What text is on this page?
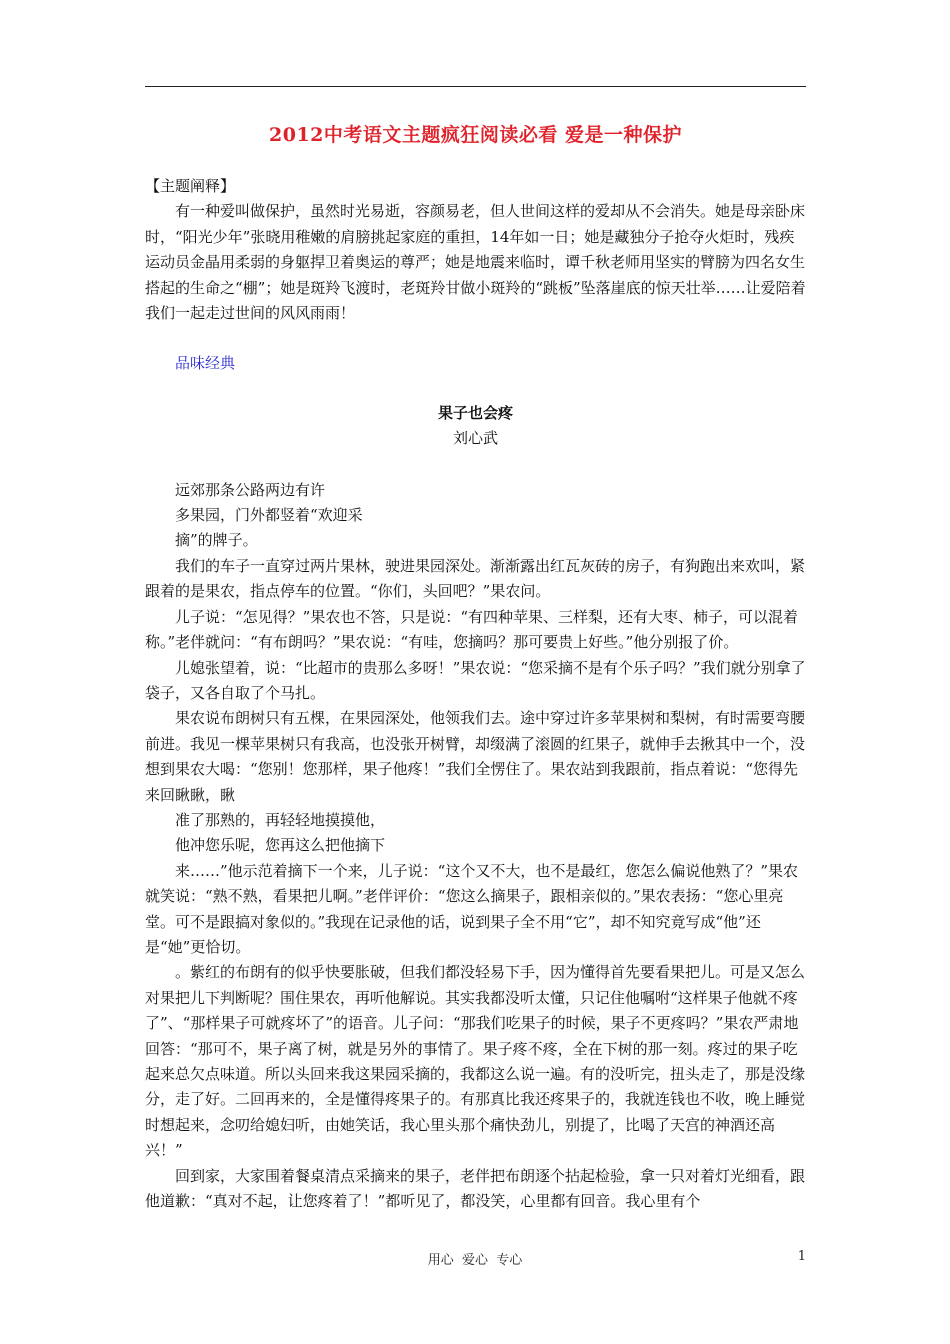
2012中考语文主题疯狂阅读必看 爱是一种保护

【主题阐释】

有一种爱叫做保护，虽然时光易逝，容颜易老，但人世间这样的爱却从不会消失。她是母亲卧床时，“阳光少年”张晓用稚嫩的肩膀挑起家庭的重担，14年如一日；她是藏独分子抢夺火炬时，残疾运动员金晶用柔弱的身躯捍卫着奥运的尊严；她是地震来临时，谭千秋老师用坚实的臂膀为四名女生搭起的生命之“棚”；她是斑羚飞渡时，老斑羚甘做小斑羚的“跳板”坠落崖底的惊天壮举……让爱陪着我们一起走过世间的风风雨雨！

品味经典

果子也会疼

刘心武

远郊那条公路两边有许

多果园，门外都竖着“欢迎采

摘”的牌子。

我们的车子一直穿过两片果林，驶进果园深处。渐渐露出红瓦灰砖的房子，有狗跑出来欢叫，紧跟着的是果农，指点停车的位置。“你们，头回吧？”果农问。

儿子说：“怎见得？”果农也不答，只是说：“有四种苹果、三样梨，还有大枣、柿子，可以混着称。”老伴就问：“有布朗吗？”果农说：“有哇，您摘吗？那可要贵上好些。”他分别报了价。

儿媳张望着，说：“比超市的贵那么多呀！”果农说：“您采摘不是有个乐子吗？”我们就分别拿了袋子，又各自取了个马扎。

果农说布朗树只有五棵，在果园深处，他领我们去。途中穿过许多苹果树和梨树，有时需要弯腰前进。我见一棵苹果树只有我高，也没张开树臂，却缀满了滚圆的红果子，就伸手去揪其中一个，没想到果农大喝：“您别！您那样，果子他疼！”我们全愣住了。果农站到我跟前，指点着说：“您得先来回瞅瞅，瞅

准了那熟的，再轻轻地摸摸他，

他冲您乐呢，您再这么把他摘下

来……”他示范着摘下一个来，儿子说：“这个又不大，也不是最红，您怎么偏说他熟了？”果农就笑说：“熟不熟，看果把儿啊。”老伴评价：“您这么摘果子，跟相亲似的。”果农表扬：“您心里亮堂。可不是跟搞对象似的。”我现在记录他的话，说到果子全不用“它”，却不知究竟写成“他”还是“她”更恰切。

。紫红的布朗有的似乎快要胀破，但我们都没轻易下手，因为懂得首先要看果把儿。可是又怎么对果把儿下判断呢？围住果农，再听他解说。其实我都没听太懂，只记住他嘱咐“这样果子他就不疼了”、“那样果子可就疼坏了”的语音。儿子问：“那我们吃果子的时候，果子不更疼吗？”果农严肃地回答：“那可不，果子离了树，就是另外的事情了。果子疼不疼，全在下树的那一刻。疼过的果子吃起来总欠点味道。所以头回来我这果园采摘的，我都这么说一遍。有的没听完，扭头走了，那是没缘分，走了好。二回再来的，全是懂得疼果子的。有那真比我还疼果子的，我就连钱也不收，晚上睡觉时想起来，念叨给媳妇听，由她笑话，我心里头那个痛快劲儿，别提了，比喝了天宫的神酒还高兴！”

回到家，大家围着餐桌清点采摘来的果子，老伴把布朗逐个拈起检验，拿一只对着灯光细看，跟他道歉：“真对不起，让您疼着了！”都听见了，都没笑，心里都有回音。我心里有个

用心  爱心  专心	1
